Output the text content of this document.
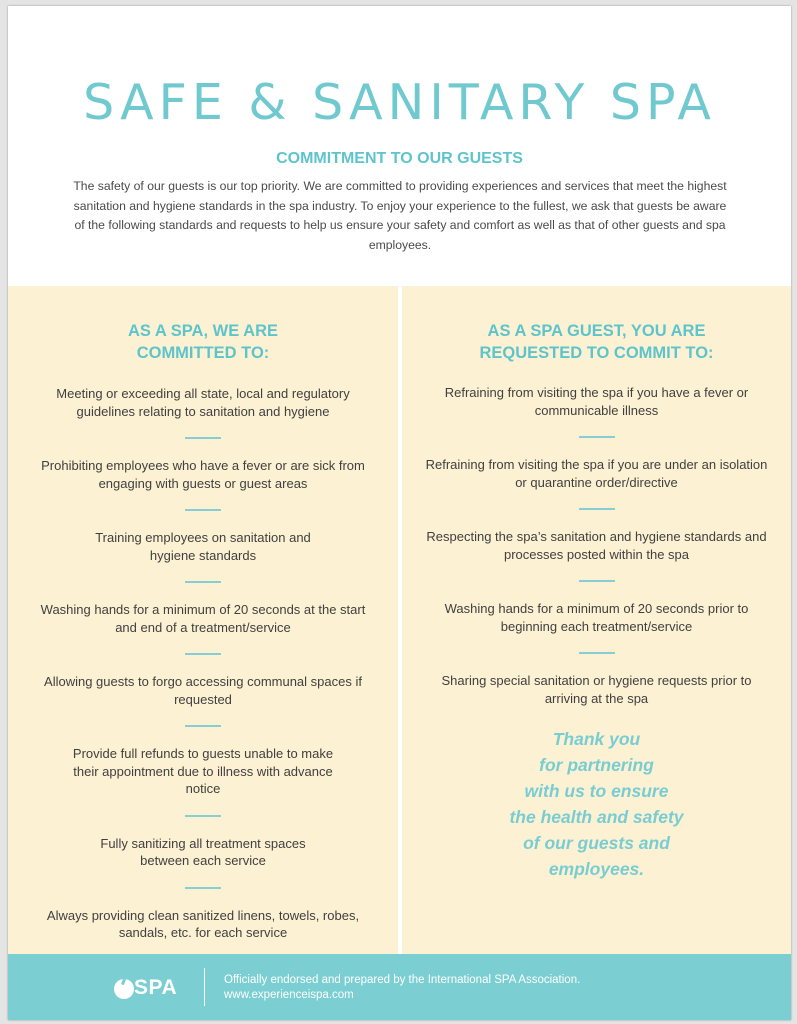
SAFE & SANITARY SPA
COMMITMENT TO OUR GUESTS

The safety of our guests is our top priority. We are committed to providing experiences and services that meet the highest sanitation and hygiene standards in the spa industry. To enjoy your experience to the fullest, we ask that guests be aware of the following standards and requests to help us ensure your safety and comfort as well as that of other guests and spa employees.

AS A SPA, WE ARE
COMMITTED TO:

Meeting or exceeding all state, local and regulatory guidelines relating to sanitation and hygiene

Prohibiting employees who have a fever or are sick from engaging with guests or guest areas

Training employees on sanitation and hygiene standards

Washing hands for a minimum of 20 seconds at the start and end of a treatment/service

Allowing guests to forgo accessing communal spaces if requested

Provide full refunds to guests unable to make their appointment due to illness with advance notice

Fully sanitizing all treatment spaces between each service

Always providing clean sanitized linens, towels, robes, sandals, etc. for each service

AS A SPA GUEST, YOU ARE
REQUESTED TO COMMIT TO:

Refraining from visiting the spa if you have a fever or communicable illness

Refraining from visiting the spa if you are under an isolation or quarantine order/directive

Respecting the spa’s sanitation and hygiene standards and processes posted within the spa

Washing hands for a minimum of 20 seconds prior to beginning each treatment/service

Sharing special sanitation or hygiene requests prior to arriving at the spa

Thank you
for partnering
with us to ensure
the health and safety
of our guests and
employees.
SPA	Officially endorsed and prepared by the International SPA Association.
www.experienceispa.com
